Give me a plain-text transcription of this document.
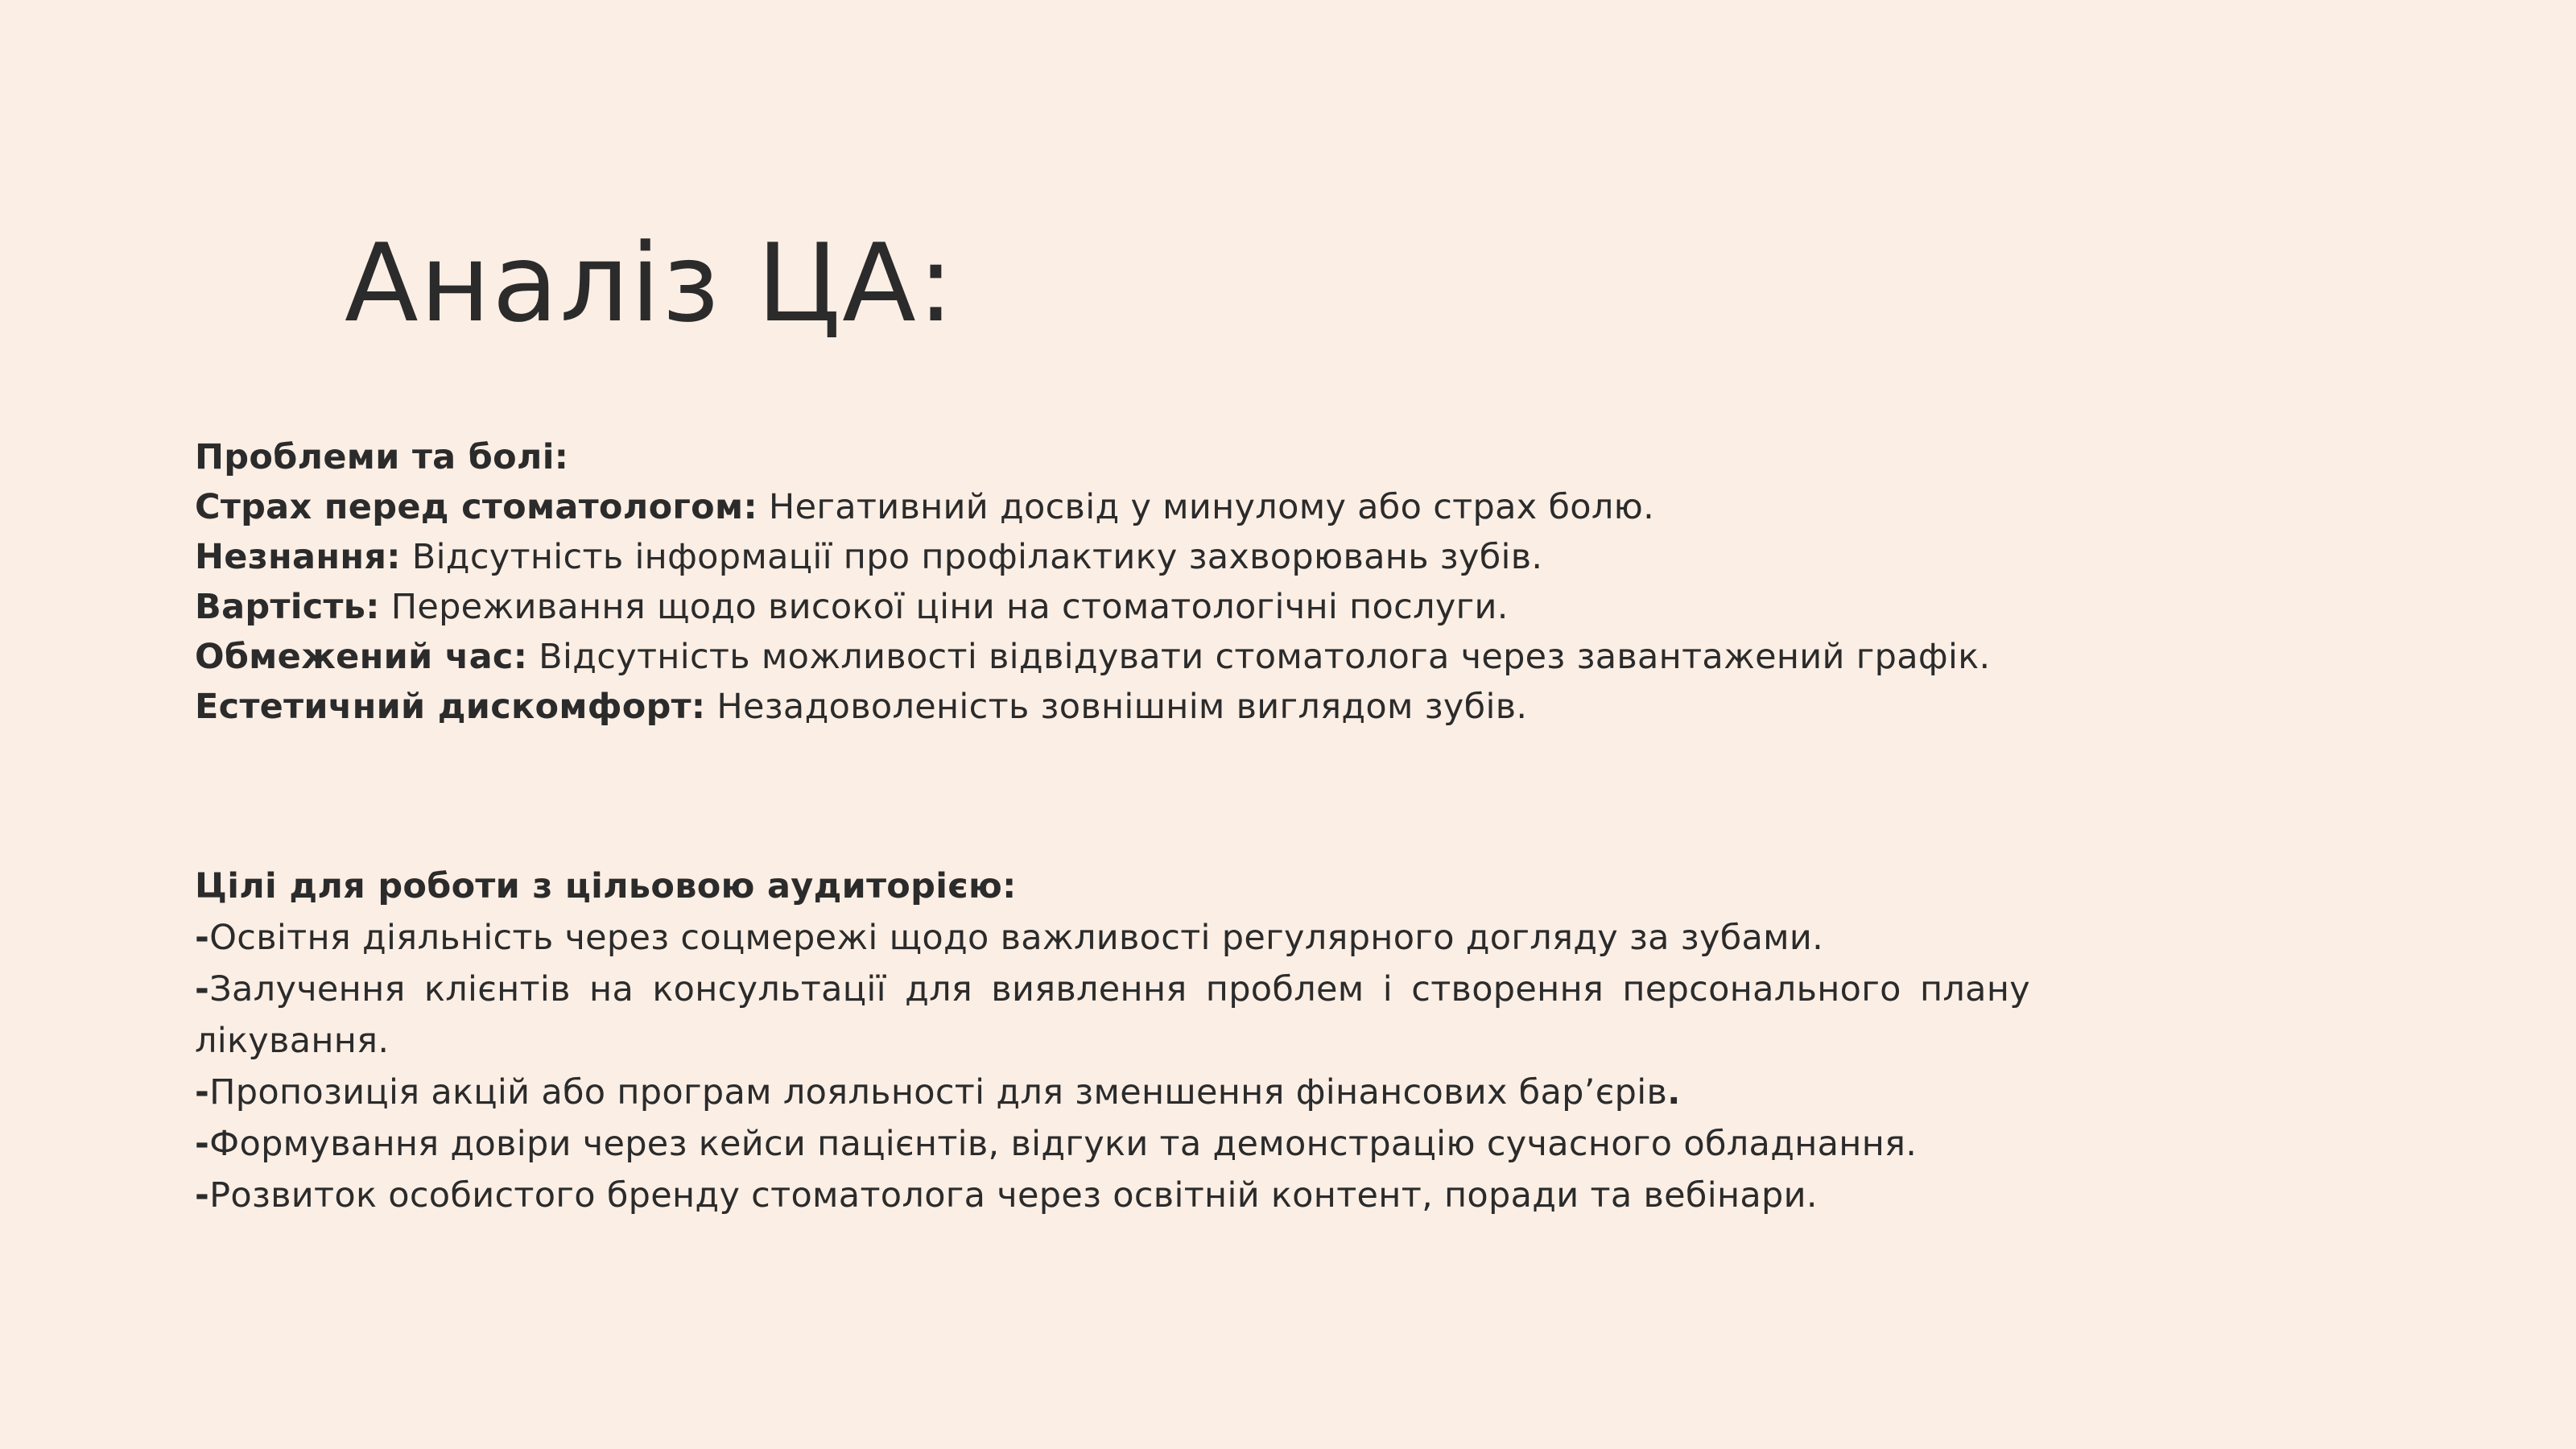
Аналіз ЦА:

Проблеми та болі:

Страх перед стоматологом: Негативний досвід у минулому або страх болю.
Незнання: Відсутність інформації про профілактику захворювань зубів.
Вартість: Переживання щодо високої ціни на стоматологічні послуги.
Обмежений час: Відсутність можливості відвідувати стоматолога через завантажений графік.
Естетичний дискомфорт: Незадоволеність зовнішнім виглядом зубів.

Цілі для роботи з цільовою аудиторією:

-Освітня діяльність через соцмережі щодо важливості регулярного догляду за зубами.
-Залучення клієнтів на консультації для виявлення проблем і створення персонального плану лікування.
-Пропозиція акцій або програм лояльності для зменшення фінансових бар’єрів.
-Формування довіри через кейси пацієнтів, відгуки та демонстрацію сучасного обладнання.
-Розвиток особистого бренду стоматолога через освітній контент, поради та вебінари.
